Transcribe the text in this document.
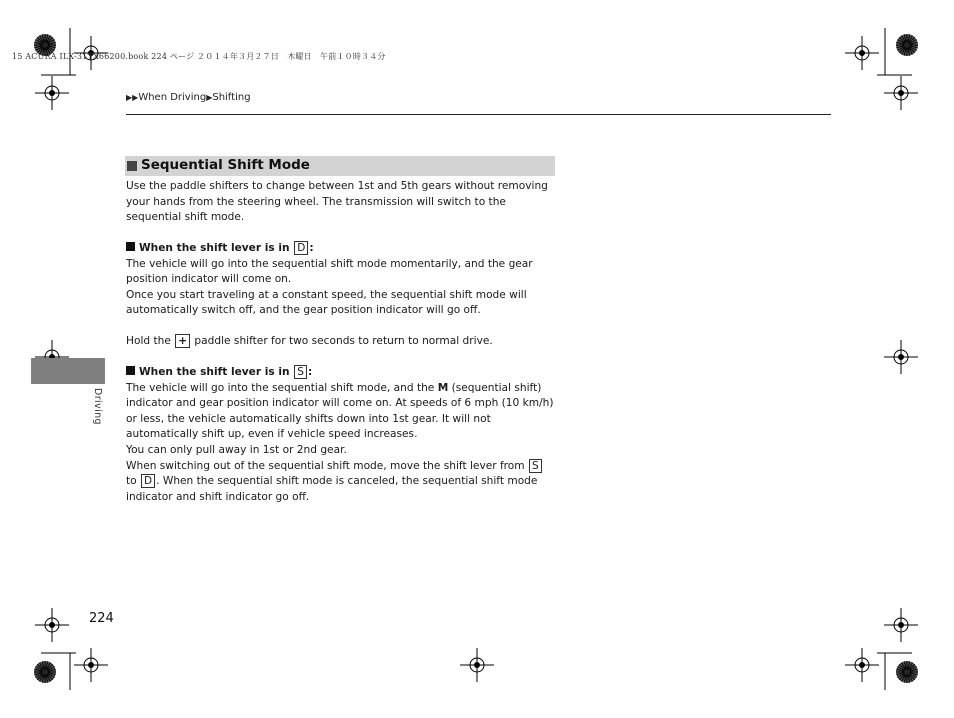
15 ACURA ILX-31TX66200.book 224 ページ ２０１４年３月２７日　木曜日　午前１０時３４分
▶▶When Driving▶Shifting
Sequential Shift Mode

Use the paddle shifters to change between 1st and 5th gears without removing your hands from the steering wheel. The transmission will switch to the sequential shift mode.

When the shift lever is in D :

The vehicle will go into the sequential shift mode momentarily, and the gear position indicator will come on.

Once you start traveling at a constant speed, the sequential shift mode will automatically switch off, and the gear position indicator will go off.

Hold the + paddle shifter for two seconds to return to normal drive.

When the shift lever is in S :

The vehicle will go into the sequential shift mode, and the M (sequential shift) indicator and gear position indicator will come on. At speeds of 6 mph (10 km/h) or less, the vehicle automatically shifts down into 1st gear. It will not automatically shift up, even if vehicle speed increases.

You can only pull away in 1st or 2nd gear.

When switching out of the sequential shift mode, move the shift lever from S to D . When the sequential shift mode is canceled, the sequential shift mode indicator and shift indicator go off.

Driving
224
